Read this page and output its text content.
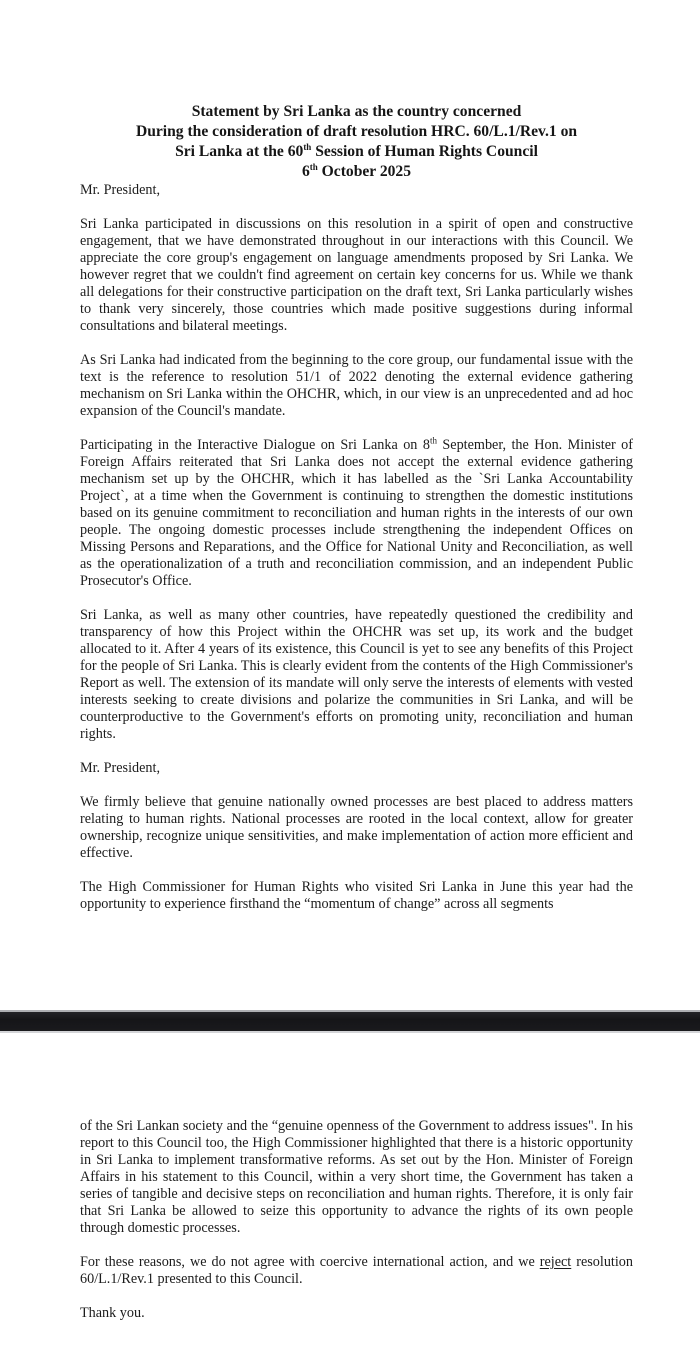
Statement by Sri Lanka as the country concerned
During the consideration of draft resolution HRC. 60/L.1/Rev.1 on
Sri Lanka at the 60th Session of Human Rights Council
6th October 2025

Mr. President,

Sri Lanka participated in discussions on this resolution in a spirit of open and constructive engagement, that we have demonstrated throughout in our interactions with this Council. We appreciate the core group's engagement on language amendments proposed by Sri Lanka. We however regret that we couldn't find agreement on certain key concerns for us. While we thank all delegations for their constructive participation on the draft text, Sri Lanka particularly wishes to thank very sincerely, those countries which made positive suggestions during informal consultations and bilateral meetings.

As Sri Lanka had indicated from the beginning to the core group, our fundamental issue with the text is the reference to resolution 51/1 of 2022 denoting the external evidence gathering mechanism on Sri Lanka within the OHCHR, which, in our view is an unprecedented and ad hoc expansion of the Council's mandate.

Participating in the Interactive Dialogue on Sri Lanka on 8th September, the Hon. Minister of Foreign Affairs reiterated that Sri Lanka does not accept the external evidence gathering mechanism set up by the OHCHR, which it has labelled as the `Sri Lanka Accountability Project`, at a time when the Government is continuing to strengthen the domestic institutions based on its genuine commitment to reconciliation and human rights in the interests of our own people. The ongoing domestic processes include strengthening the independent Offices on Missing Persons and Reparations, and the Office for National Unity and Reconciliation, as well as the operationalization of a truth and reconciliation commission, and an independent Public Prosecutor's Office.

Sri Lanka, as well as many other countries, have repeatedly questioned the credibility and transparency of how this Project within the OHCHR was set up, its work and the budget allocated to it. After 4 years of its existence, this Council is yet to see any benefits of this Project for the people of Sri Lanka. This is clearly evident from the contents of the High Commissioner's Report as well. The extension of its mandate will only serve the interests of elements with vested interests seeking to create divisions and polarize the communities in Sri Lanka, and will be counterproductive to the Government's efforts on promoting unity, reconciliation and human rights.

Mr. President,

We firmly believe that genuine nationally owned processes are best placed to address matters relating to human rights. National processes are rooted in the local context, allow for greater ownership, recognize unique sensitivities, and make implementation of action more efficient and effective.

The High Commissioner for Human Rights who visited Sri Lanka in June this year had the opportunity to experience firsthand the “momentum of change” across all segments

of the Sri Lankan society and the “genuine openness of the Government to address issues". In his report to this Council too, the High Commissioner highlighted that there is a historic opportunity in Sri Lanka to implement transformative reforms. As set out by the Hon. Minister of Foreign Affairs in his statement to this Council, within a very short time, the Government has taken a series of tangible and decisive steps on reconciliation and human rights. Therefore, it is only fair that Sri Lanka be allowed to seize this opportunity to advance the rights of its own people through domestic processes.

For these reasons, we do not agree with coercive international action, and we reject resolution 60/L.1/Rev.1 presented to this Council.

Thank you.
